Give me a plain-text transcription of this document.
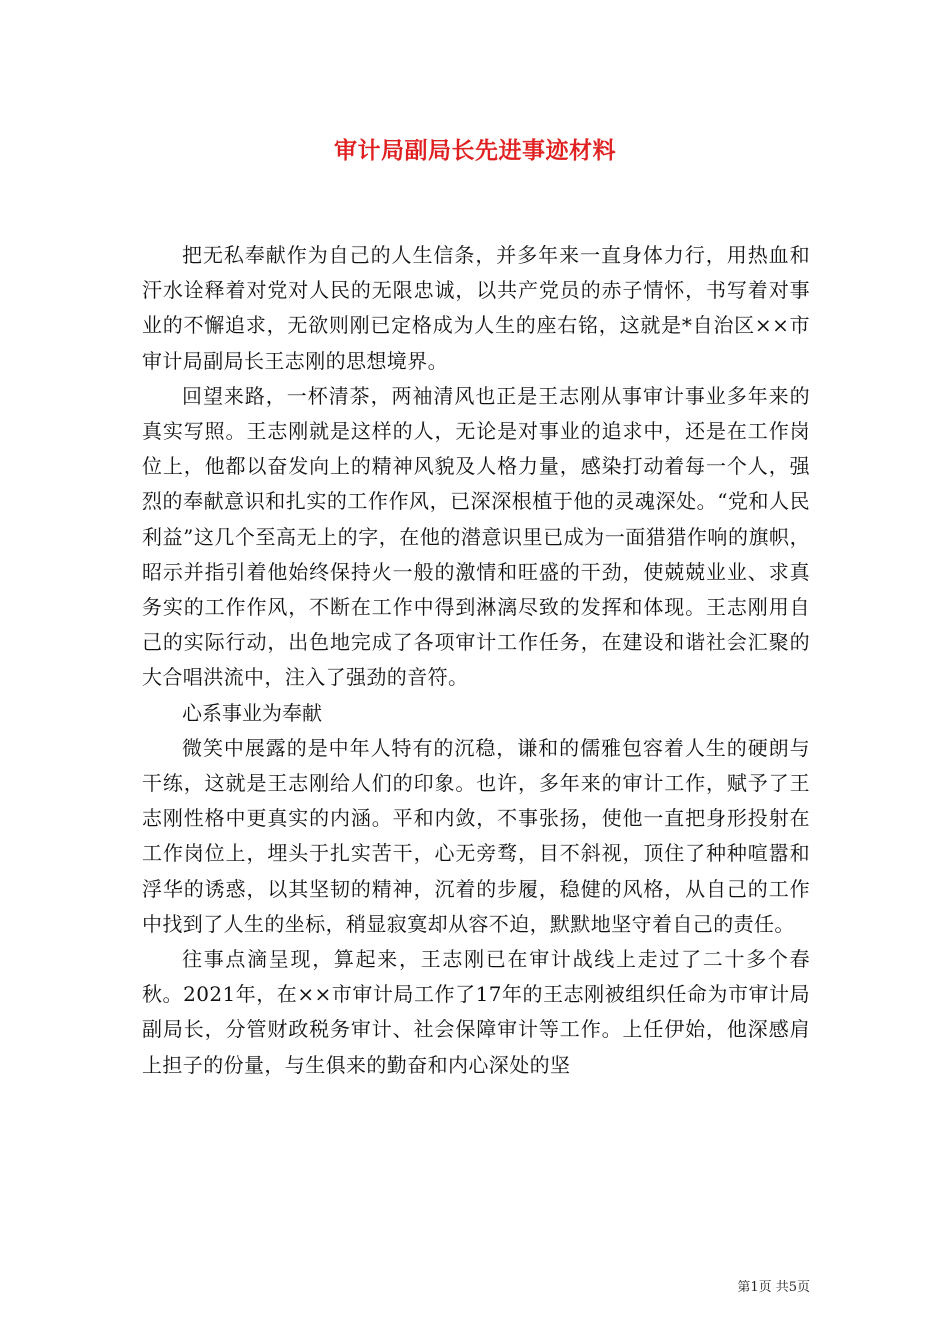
审计局副局长先进事迹材料

把无私奉献作为自己的人生信条，并多年来一直身体力行，用热血和汗水诠释着对党对人民的无限忠诚，以共产党员的赤子情怀，书写着对事业的不懈追求，无欲则刚已定格成为人生的座右铭，这就是*自治区××市审计局副局长王志刚的思想境界。

回望来路，一杯清茶，两袖清风也正是王志刚从事审计事业多年来的真实写照。王志刚就是这样的人，无论是对事业的追求中，还是在工作岗位上，他都以奋发向上的精神风貌及人格力量，感染打动着每一个人，强烈的奉献意识和扎实的工作作风，已深深根植于他的灵魂深处。“党和人民利益”这几个至高无上的字，在他的潜意识里已成为一面猎猎作响的旗帜，昭示并指引着他始终保持火一般的激情和旺盛的干劲，使兢兢业业、求真务实的工作作风，不断在工作中得到淋漓尽致的发挥和体现。王志刚用自己的实际行动，出色地完成了各项审计工作任务，在建设和谐社会汇聚的大合唱洪流中，注入了强劲的音符。

心系事业为奉献

微笑中展露的是中年人特有的沉稳，谦和的儒雅包容着人生的硬朗与干练，这就是王志刚给人们的印象。也许，多年来的审计工作，赋予了王志刚性格中更真实的内涵。平和内敛，不事张扬，使他一直把身形投射在工作岗位上，埋头于扎实苦干，心无旁骛，目不斜视，顶住了种种喧嚣和浮华的诱惑，以其坚韧的精神，沉着的步履，稳健的风格，从自己的工作中找到了人生的坐标，稍显寂寞却从容不迫，默默地坚守着自己的责任。

往事点滴呈现，算起来，王志刚已在审计战线上走过了二十多个春秋。2021年，在××市审计局工作了17年的王志刚被组织任命为市审计局副局长，分管财政税务审计、社会保障审计等工作。上任伊始，他深感肩上担子的份量，与生俱来的勤奋和内心深处的坚

第1页 共5页
